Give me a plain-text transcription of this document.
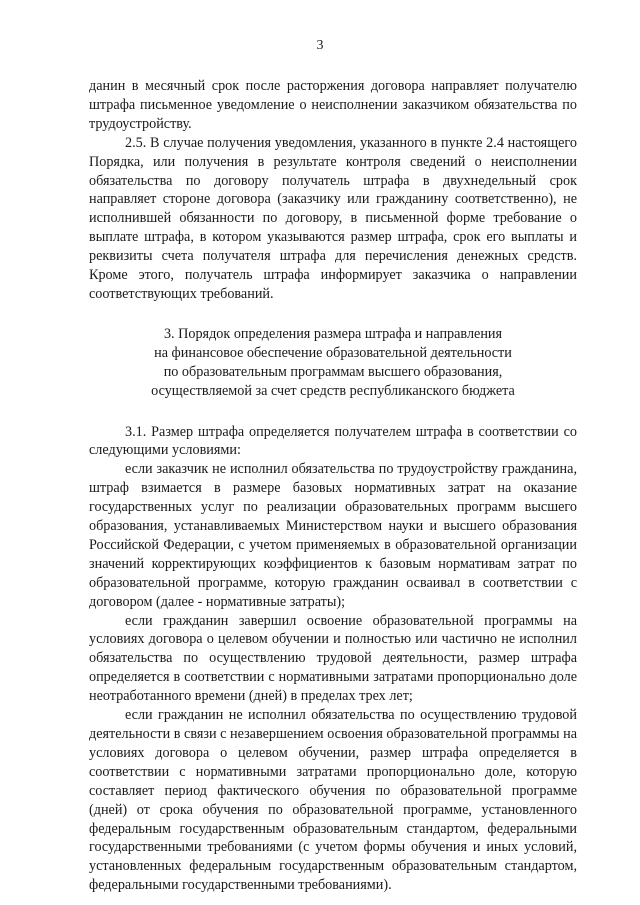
3

данин в месячный срок после расторжения договора направляет получателю штрафа письменное уведомление о неисполнении заказчиком обязательства по трудоустройству.

2.5. В случае получения уведомления, указанного в пункте 2.4 настоящего Порядка, или получения в результате контроля сведений о неисполнении обязательства по договору получатель штрафа в двухнедельный срок направляет стороне договора (заказчику или гражданину соответственно), не исполнившей обязанности по договору, в письменной форме требование о выплате штрафа, в котором указываются размер штрафа, срок его выплаты и реквизиты счета получателя штрафа для перечисления денежных средств. Кроме этого, получатель штрафа информирует заказчика о направлении соответствующих требований.

3. Порядок определения размера штрафа и направления
на финансовое обеспечение образовательной деятельности
по образовательным программам высшего образования,
осуществляемой за счет средств республиканского бюджета

3.1. Размер штрафа определяется получателем штрафа в соответствии со следующими условиями:

если заказчик не исполнил обязательства по трудоустройству гражданина, штраф взимается в размере базовых нормативных затрат на оказание государственных услуг по реализации образовательных программ высшего образования, устанавливаемых Министерством науки и высшего образования Российской Федерации, с учетом применяемых в образовательной организации значений корректирующих коэффициентов к базовым нормативам затрат по образовательной программе, которую гражданин осваивал в соответствии с договором (далее - нормативные затраты);

если гражданин завершил освоение образовательной программы на условиях договора о целевом обучении и полностью или частично не исполнил обязательства по осуществлению трудовой деятельности, размер штрафа определяется в соответствии с нормативными затратами пропорционально доле неотработанного времени (дней) в пределах трех лет;

если гражданин не исполнил обязательства по осуществлению трудовой деятельности в связи с незавершением освоения образовательной программы на условиях договора о целевом обучении, размер штрафа определяется в соответствии с нормативными затратами пропорционально доле, которую составляет период фактического обучения по образовательной программе (дней) от срока обучения по образовательной программе, установленного федеральным государственным образовательным стандартом, федеральными государственными требованиями (с учетом формы обучения и иных условий, установленных федеральным государственным образовательным стандартом, федеральными государственными требованиями).
